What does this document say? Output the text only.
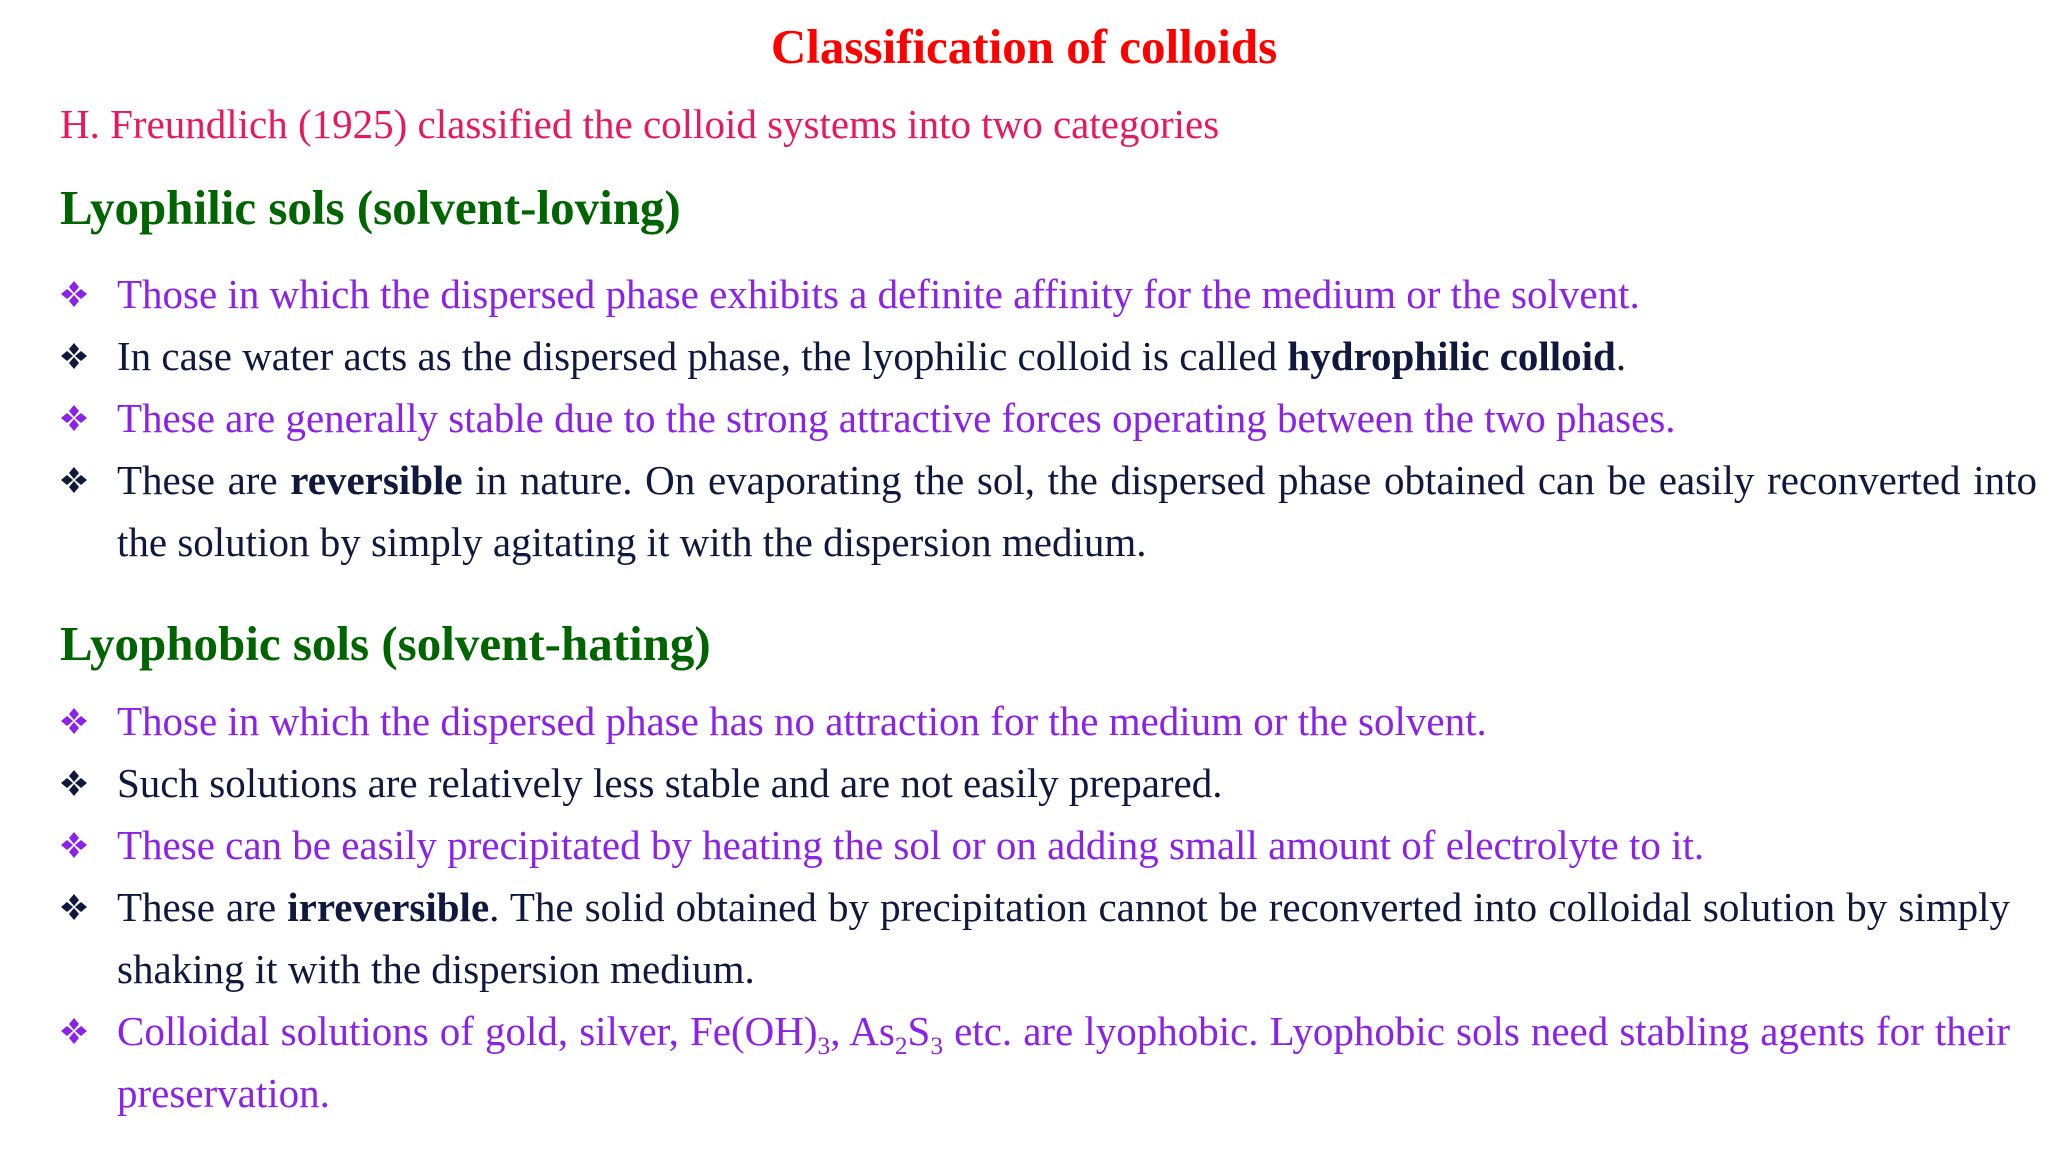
Classification of colloids
H. Freundlich (1925) classified the colloid systems into two categories
Lyophilic sols (solvent-loving)
Those in which the dispersed phase exhibits a definite affinity for the medium or the solvent.
In case water acts as the dispersed phase, the lyophilic colloid is called hydrophilic colloid.
These are generally stable due to the strong attractive forces operating between the two phases.
These are reversible in nature. On evaporating the sol, the dispersed phase obtained can be easily reconverted into the solution by simply agitating it with the dispersion medium.
Lyophobic sols (solvent-hating)
Those in which the dispersed phase has no attraction for the medium or the solvent.
Such solutions are relatively less stable and are not easily prepared.
These can be easily precipitated by heating the sol or on adding small amount of electrolyte to it.
These are irreversible. The solid obtained by precipitation cannot be reconverted into colloidal solution by simply shaking it with the dispersion medium.
Colloidal solutions of gold, silver, $Fe(OH)_3$, $As_2S_3$ etc. are lyophobic. Lyophobic sols need stabling agents for their preservation.
